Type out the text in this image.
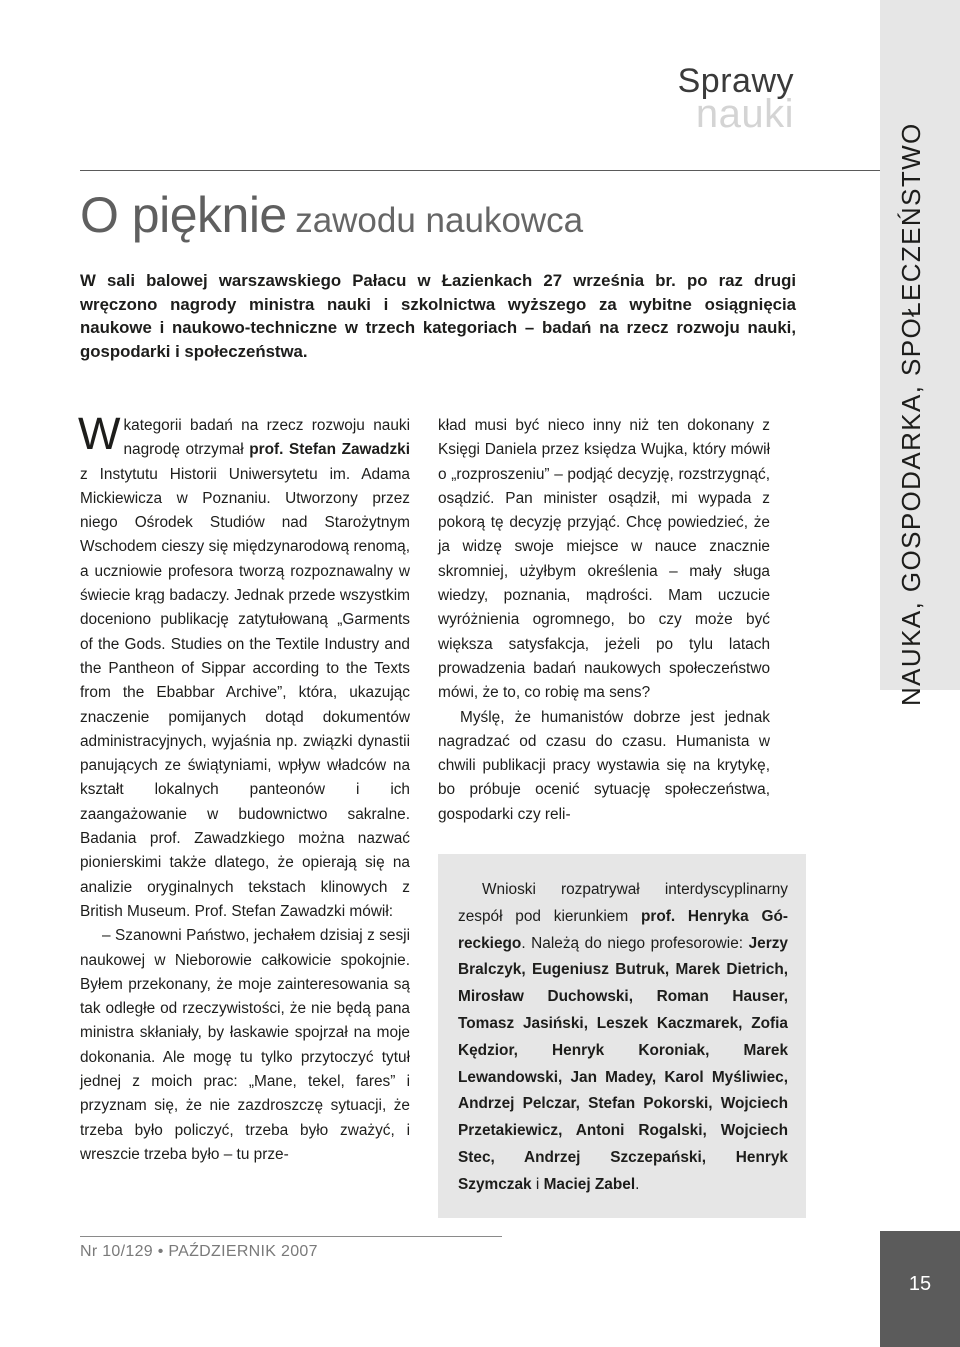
NAUKA, GOSPODARKA, SPOŁECZEŃSTWO
15
Sprawy
nauki
O pięknie zawodu naukowca
W sali balowej warszawskiego Pałacu w Łazienkach 27 września br. po raz drugi wręczono nagrody ministra nauki i szkolnictwa wyższego za wybitne osiągnięcia naukowe i naukowo-techniczne w trzech kategoriach – badań na rzecz rozwoju nauki, gospodarki i społeczeństwa.

Wkategorii badań na rzecz rozwoju nauki nagrodę otrzymał prof. Stefan Zawadzki z Instytutu Historii Uniwersytetu im. Adama Mickiewicza w Poznaniu. Utworzony przez niego Ośrodek Studiów nad Starożytnym Wschodem cieszy się międzynarodową renomą, a uczniowie profesora tworzą rozpoznawalny w świecie krąg badaczy. Jednak przede wszystkim doceniono publikację zatytułowaną „Garments of the Gods. Studies on the Textile Industry and the Pantheon of Sippar according to the Texts from the Ebabbar Archive”, która, ukazując znaczenie pomijanych dotąd dokumentów administracyjnych, wyjaśnia np. związki dynastii panujących ze świątyniami, wpływ władców na kształt lokalnych panteonów i ich zaangażowanie w budownictwo sakralne. Badania prof. Zawadzkiego można nazwać pionierskimi także dlatego, że opierają się na analizie oryginalnych tekstach klinowych z British Museum. Prof. Stefan Zawadzki mówił:

– Szanowni Państwo, jechałem dzisiaj z sesji naukowej w Nieborowie całkowicie spokojnie. Byłem przekonany, że moje zainteresowania są tak odległe od rzeczywistości, że nie będą pana ministra skłaniały, by łaskawie spojrzał na moje dokonania. Ale mogę tu tylko przytoczyć tytuł jednej z moich prac: „Mane, tekel, fares” i przyznam się, że nie zazdroszczę sytuacji, że trzeba było policzyć, trzeba było zważyć, i wreszcie trzeba było – tu prze-

kład musi być nieco inny niż ten dokonany z Księgi Daniela przez księdza Wujka, który mówił o „rozproszeniu” – podjąć decyzję, rozstrzygnąć, osądzić. Pan minister osądził, mi wypada z pokorą tę decyzję przyjąć. Chcę powiedzieć, że ja widzę swoje miejsce w nauce znacznie skromniej, użyłbym określenia – mały sługa wiedzy, poznania, mądrości. Mam uczucie wyróżnienia ogromnego, bo czy może być większa satysfakcja, jeżeli po tylu latach prowadzenia badań naukowych społeczeństwo mówi, że to, co robię ma sens?

Myślę, że humanistów dobrze jest jednak nagradzać od czasu do czasu. Humanista w chwili publikacji pracy wystawia się na krytykę, bo próbuje ocenić sytuację społeczeństwa, gospodarki czy reli-

Wnioski rozpatrywał interdyscyplinarny zespół pod kierunkiem prof. Henryka Góreckiego. Należą do niego profesorowie: Jerzy Bralczyk, Eugeniusz Butruk, Marek Dietrich, Mirosław Duchowski, Roman Hauser, Tomasz Jasiński, Leszek Kaczmarek, Zofia Kędzior, Henryk Koroniak, Marek Lewandowski, Jan Madey, Karol Myśliwiec, Andrzej Pelczar, Stefan Pokorski, Wojciech Przetakiewicz, Antoni Rogalski, Wojciech Stec, Andrzej Szczepański, Henryk Szymczak i Maciej Zabel.

Nr 10/129 • PAŹDZIERNIK 2007
